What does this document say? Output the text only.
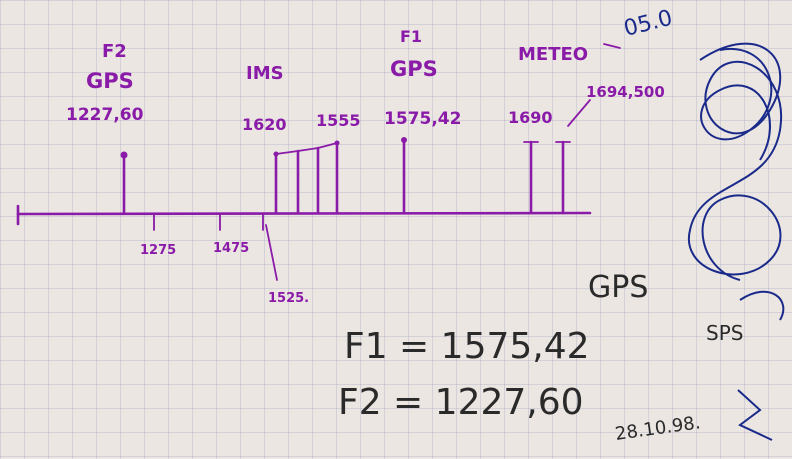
F2
GPS
1227,60
IMS
1620 1555
F1
GPS
1575,42
METEO
1690
1694,500
1275	1475
1525.
05.0
GPS
F1 = 1575,42
F2 = 1227,60
SPS
28.10.98.
